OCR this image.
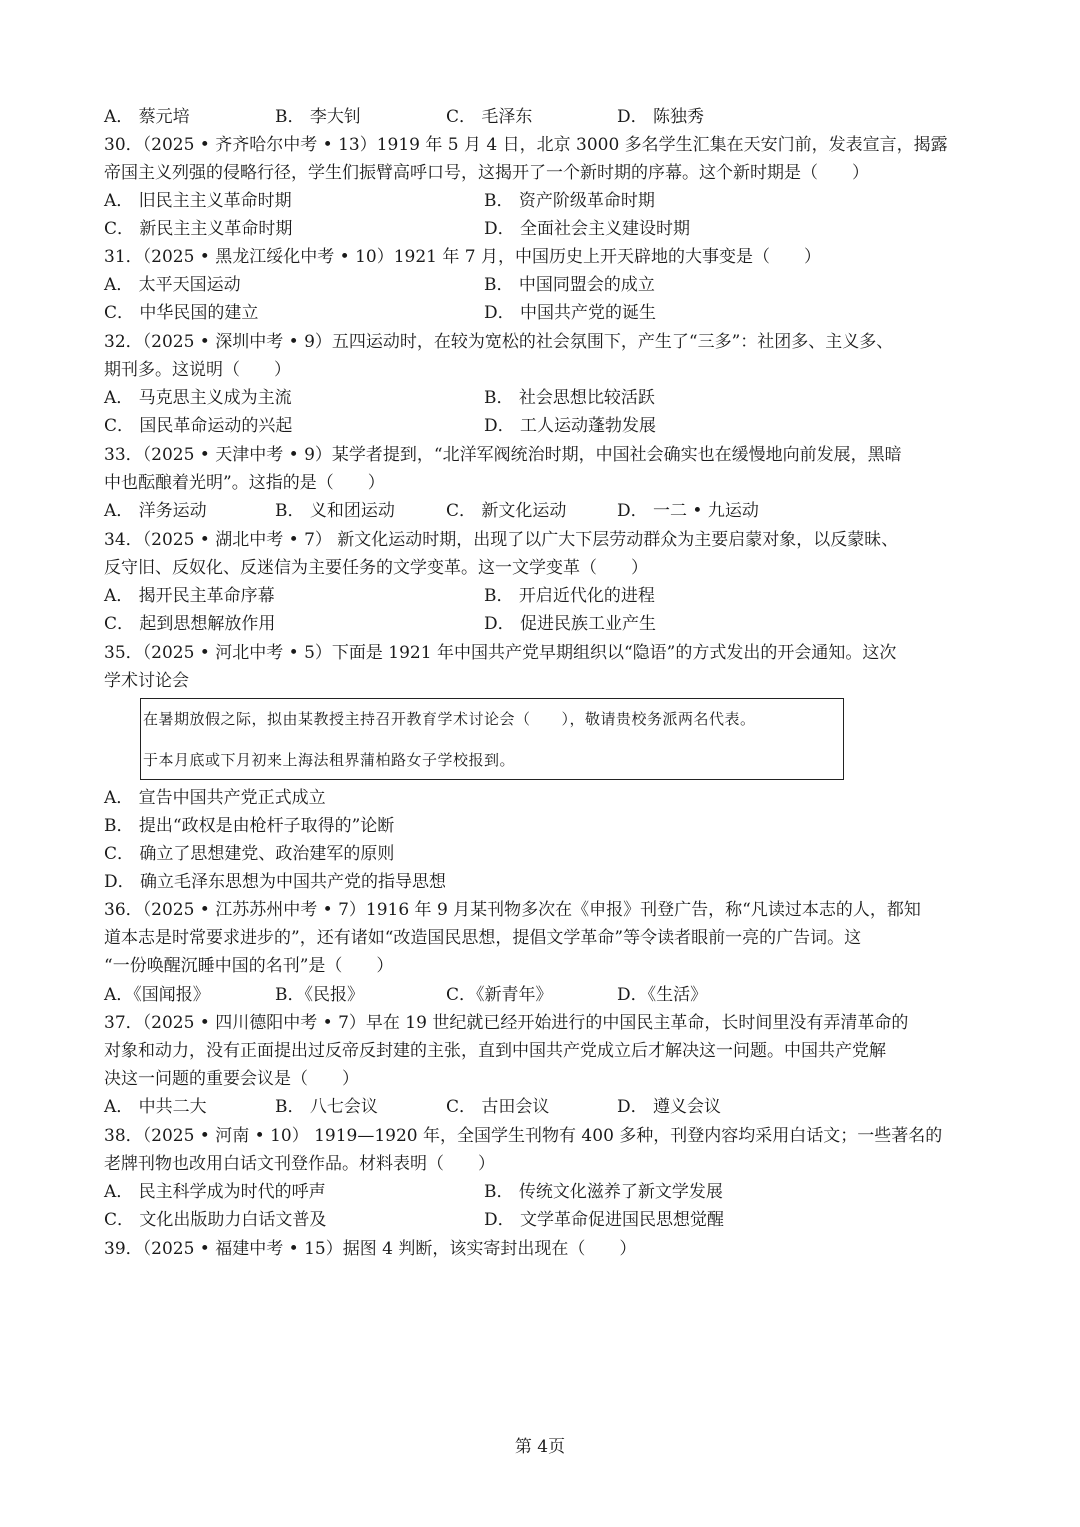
A． 蔡元培	B． 李大钊	C． 毛泽东	D． 陈独秀
30．（2025 • 齐齐哈尔中考 • 13）1919 年 5 月 4 日，北京 3000 多名学生汇集在天安门前，发表宣言，揭露
帝国主义列强的侵略行径，学生们振臂高呼口号，这揭开了一个新时期的序幕。这个新时期是（　　）
A． 旧民主主义革命时期	B． 资产阶级革命时期
C． 新民主主义革命时期	D． 全面社会主义建设时期
31．（2025 • 黑龙江绥化中考 • 10）1921 年 7 月，中国历史上开天辟地的大事变是（　　）
A． 太平天国运动	B． 中国同盟会的成立
C． 中华民国的建立	D． 中国共产党的诞生
32．（2025 • 深圳中考 • 9）五四运动时，在较为宽松的社会氛围下，产生了“三多”：社团多、主义多、
期刊多。这说明（　　）
A． 马克思主义成为主流	B． 社会思想比较活跃
C． 国民革命运动的兴起	D． 工人运动蓬勃发展
33．（2025 • 天津中考 • 9）某学者提到，“北洋军阀统治时期，中国社会确实也在缓慢地向前发展，黑暗
中也酝酿着光明”。这指的是（　　）
A． 洋务运动	B． 义和团运动	C． 新文化运动	D． 一二 • 九运动
34．（2025 • 湖北中考 • 7） 新文化运动时期，出现了以广大下层劳动群众为主要启蒙对象，以反蒙昧、
反守旧、反奴化、反迷信为主要任务的文学变革。这一文学变革（　　）
A． 揭开民主革命序幕	B． 开启近代化的进程
C． 起到思想解放作用	D． 促进民族工业产生
35．（2025 • 河北中考 • 5）下面是 1921 年中国共产党早期组织以“隐语”的方式发出的开会通知。这次
学术讨论会
在暑期放假之际，拟由某教授主持召开教育学术讨论会（　　），敬请贵校务派两名代表。
于本月底或下月初来上海法租界蒲柏路女子学校报到。
A． 宣告中国共产党正式成立
B． 提出“政权是由枪杆子取得的”论断
C． 确立了思想建党、政治建军的原则
D． 确立毛泽东思想为中国共产党的指导思想
36．（2025 • 江苏苏州中考 • 7）1916 年 9 月某刊物多次在《申报》刊登广告，称“凡读过本志的人，都知
道本志是时常要求进步的”，还有诸如“改造国民思想，提倡文学革命”等令读者眼前一亮的广告词。这
“一份唤醒沉睡中国的名刊”是（　　）
A．《国闻报》	B．《民报》	C．《新青年》	D．《生活》
37．（2025 • 四川德阳中考 • 7）早在 19 世纪就已经开始进行的中国民主革命，长时间里没有弄清革命的
对象和动力，没有正面提出过反帝反封建的主张，直到中国共产党成立后才解决这一问题。中国共产党解
决这一问题的重要会议是（　　）
A． 中共二大	B． 八七会议	C． 古田会议	D． 遵义会议
38．（2025 • 河南 • 10） 1919—1920 年，全国学生刊物有 400 多种，刊登内容均采用白话文；一些著名的
老牌刊物也改用白话文刊登作品。材料表明（　　）
A． 民主科学成为时代的呼声	B． 传统文化滋养了新文学发展
C． 文化出版助力白话文普及	D． 文学革命促进国民思想觉醒
39．（2025 • 福建中考 • 15）据图 4 判断，该实寄封出现在（　　）
第 4页
